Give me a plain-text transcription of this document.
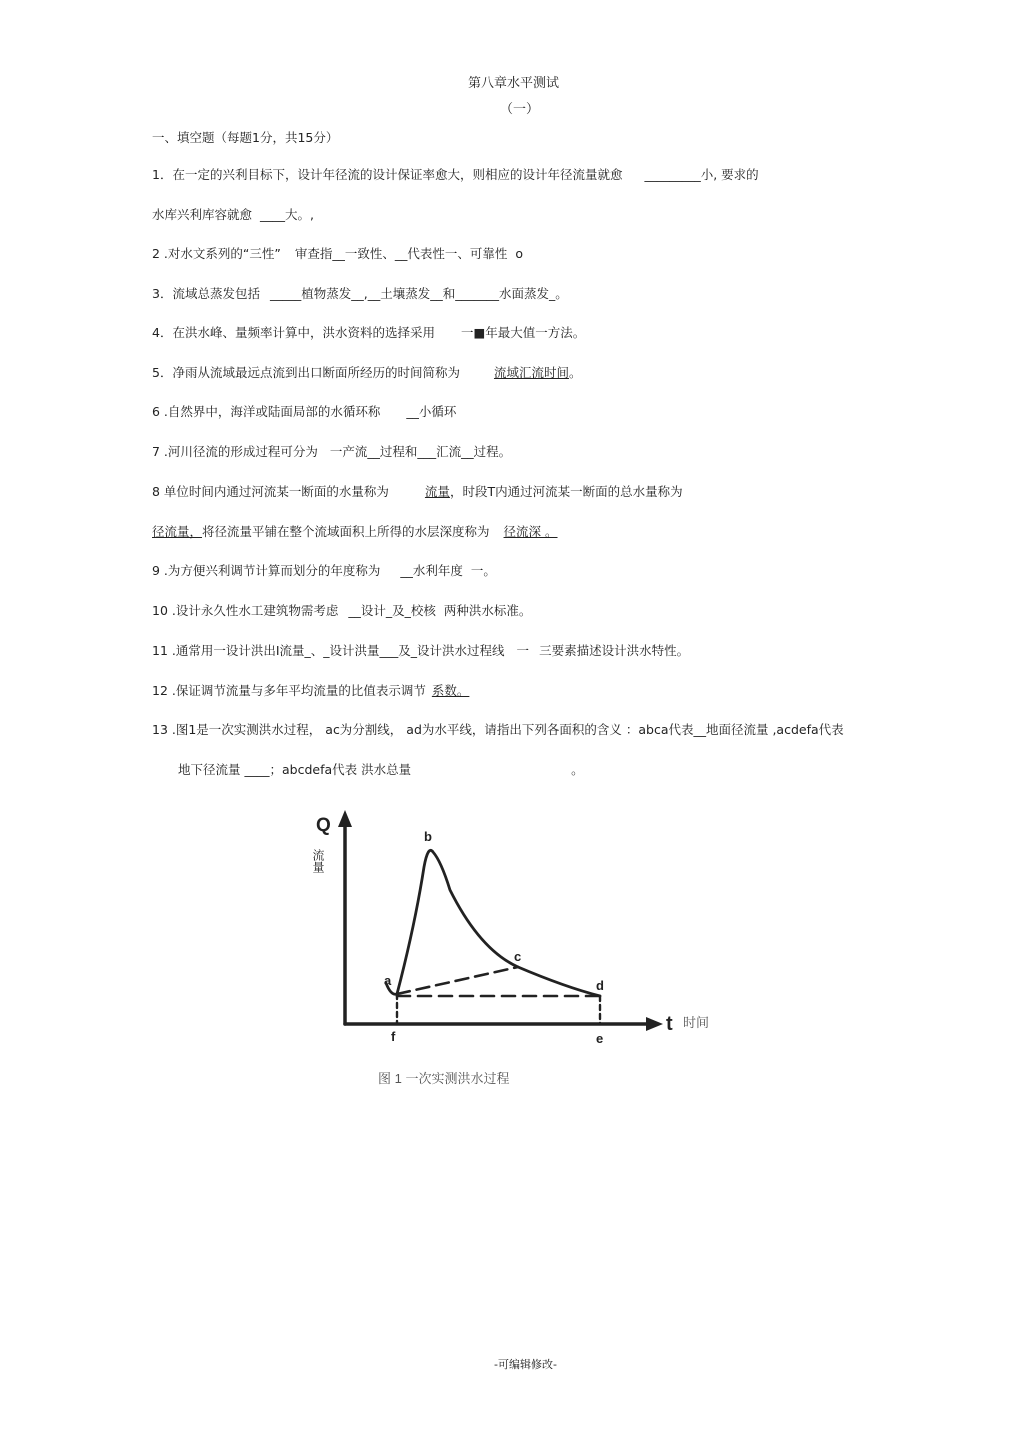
第八章水平测试
（一）
一、填空题（每题1分，共15分）
1．在一定的兴利目标下，设计年径流的设计保证率愈大，则相应的设计年径流量就愈 _________小, 要求的
水库兴利库容就愈 ____大。,
2 .对水文系列的“三性” 审查指__一致性、__代表性一、可靠性 o
3．流域总蒸发包括 _____植物蒸发__,__土壤蒸发__和_______水面蒸发_。
4．在洪水峰、量频率计算中，洪水资料的选择采用 一■年最大值一方法。
5．净雨从流域最远点流到出口断面所经历的时间简称为	流域汇流时间。
6 .自然界中，海洋或陆面局部的水循环称 __小循环
7 .河川径流的形成过程可分为 一产流__过程和___汇流__过程。
8 单位时间内通过河流某一断面的水量称为	流量，时段T内通过河流某一断面的总水量称为
径流量，将径流量平铺在整个流域面积上所得的水层深度称为 径流深 。
9 .为方便兴利调节计算而划分的年度称为 __水利年度 一。
10 .设计永久性水工建筑物需考虑 __设计_及_校核 两种洪水标准。
11 .通常用一设计洪出I流量_、_设计洪量___及_设计洪水过程线 一 三要素描述设计洪水特性。
12 .保证调节流量与多年平均流量的比值表示调节 系数。
13 .图1是一次实测洪水过程， ac为分割线， ad为水平线，请指出下列各面积的含义 ：abca代表__地面径流量 ,acdefa代表
地下径流量 ____；abcdefa代表 洪水总量	。
Q
流量
t 时间
a
b
c
d
e
f
图 1 一次实测洪水过程
-可编辑修改-
